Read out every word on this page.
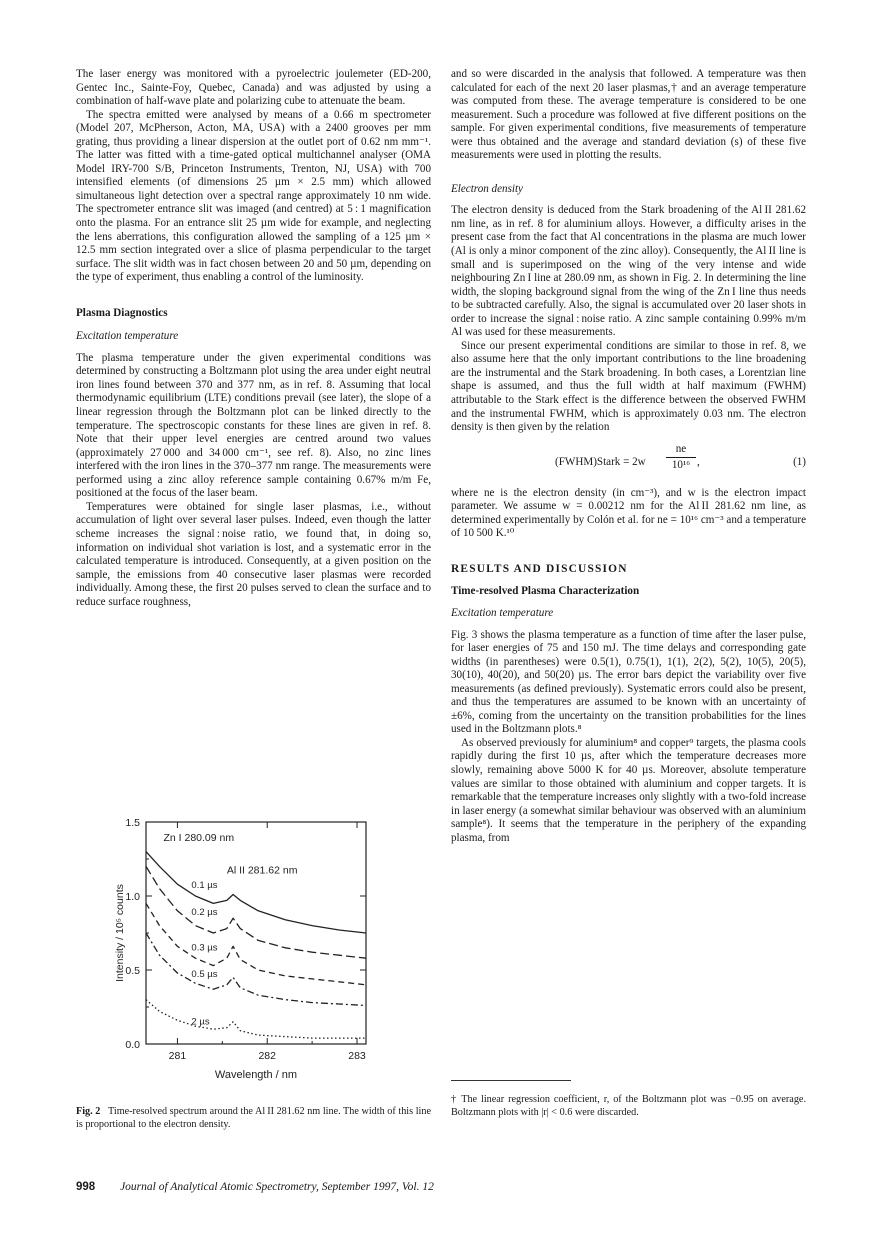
The laser energy was monitored with a pyroelectric joulemeter (ED-200, Gentec Inc., Sainte-Foy, Quebec, Canada) and was adjusted by using a combination of half-wave plate and polarizing cube to attenuate the beam.

The spectra emitted were analysed by means of a 0.66 m spectrometer (Model 207, McPherson, Acton, MA, USA) with a 2400 grooves per mm grating, thus providing a linear dispersion at the outlet port of 0.62 nm mm⁻¹. The latter was fitted with a time-gated optical multichannel analyser (OMA Model IRY-700 S/B, Princeton Instruments, Trenton, NJ, USA) with 700 intensified elements (of dimensions 25 µm × 2.5 mm) which allowed simultaneous light detection over a spectral range approximately 10 nm wide. The spectrometer entrance slit was imaged (and centred) at 5 : 1 magnification onto the plasma. For an entrance slit 25 µm wide for example, and neglecting the lens aberrations, this configuration allowed the sampling of a 125 µm × 12.5 mm section integrated over a slice of plasma perpendicular to the target surface. The slit width was in fact chosen between 20 and 50 µm, depending on the type of experiment, thus enabling a control of the luminosity.

Plasma Diagnostics

Excitation temperature

The plasma temperature under the given experimental conditions was determined by constructing a Boltzmann plot using the area under eight neutral iron lines found between 370 and 377 nm, as in ref. 8. Assuming that local thermodynamic equilibrium (LTE) conditions prevail (see later), the slope of a linear regression through the Boltzmann plot can be linked directly to the temperature. The spectroscopic constants for these lines are given in ref. 8. Note that their upper level energies are centred around two values (approximately 27 000 and 34 000 cm⁻¹, see ref. 8). Also, no zinc lines interfered with the iron lines in the 370–377 nm range. The measurements were performed using a zinc alloy reference sample containing 0.67% m/m Fe, positioned at the focus of the laser beam.

Temperatures were obtained for single laser plasmas, i.e., without accumulation of light over several laser pulses. Indeed, even though the latter scheme increases the signal : noise ratio, we found that, in doing so, information on individual shot variation is lost, and a systematic error in the calculated temperature is introduced. Consequently, at a given position on the sample, the emissions from 40 consecutive laser plasmas were recorded individually. Among these, the first 20 pulses served to clean the surface and to reduce surface roughness,

and so were discarded in the analysis that followed. A temperature was then calculated for each of the next 20 laser plasmas,† and an average temperature was computed from these. The average temperature is considered to be one measurement. Such a procedure was followed at five different positions on the sample. For given experimental conditions, five measurements of temperature were thus obtained and the average and standard deviation (s) of these five measurements were used in plotting the results.

Electron density

The electron density is deduced from the Stark broadening of the Al II 281.62 nm line, as in ref. 8 for aluminium alloys. However, a difficulty arises in the present case from the fact that Al concentrations in the plasma are much lower (Al is only a minor component of the zinc alloy). Consequently, the Al II line is small and is superimposed on the wing of the very intense and wide neighbouring Zn I line at 280.09 nm, as shown in Fig. 2. In determining the line width, the sloping background signal from the wing of the Zn I line thus needs to be subtracted carefully. Also, the signal is accumulated over 20 laser shots in order to increase the signal : noise ratio. A zinc sample containing 0.99% m/m Al was used for these measurements.

Since our present experimental conditions are similar to those in ref. 8, we also assume here that the only important contributions to the line broadening are the instrumental and the Stark broadening. In both cases, a Lorentzian line shape is assumed, and thus the full width at half maximum (FWHM) attributable to the Stark effect is the difference between the observed FWHM and the instrumental FWHM, which is approximately 0.03 nm. The electron density is then given by the relation

(FWHM)Stark = $2w \frac{ne}{\text{10¹⁶}}$ ,	(1)

where ne is the electron density (in cm⁻³), and w is the electron impact parameter. We assume w = 0.00212 nm for the Al II 281.62 nm line, as determined experimentally by Colón et al. for ne = 10¹⁶ cm⁻³ and a temperature of 10 500 K.¹⁰

RESULTS AND DISCUSSION

Time-resolved Plasma Characterization

Excitation temperature

Fig. 3 shows the plasma temperature as a function of time after the laser pulse, for laser energies of 75 and 150 mJ. The time delays and corresponding gate widths (in parentheses) were 0.5(1), 0.75(1), 1(1), 2(2), 5(2), 10(5), 20(5), 30(10), 40(20), and 50(20) µs. The error bars depict the variability over five measurements (as defined previously). Systematic errors could also be present, and thus the temperatures are assumed to be known with an uncertainty of ±6%, coming from the uncertainty on the transition probabilities for the lines used in the Boltzmann plots.⁸

As observed previously for aluminium⁸ and copper⁹ targets, the plasma cools rapidly during the first 10 µs, after which the temperature decreases more slowly, remaining above 5000 K for 40 µs. Moreover, absolute temperature values are similar to those obtained with aluminium and copper targets. It is remarkable that the temperature increases only slightly with a two-fold increase in laser energy (a somewhat similar behaviour was observed with an aluminium sample⁸). It seems that the temperature in the periphery of the expanding plasma, from

0.0
0.5
1.0
1.5
281	282	283
Wavelength / nm
Intensity / 10⁵ counts	0.1 µs
0.2 µs
0.3 µs
0.5 µs
2 µs
Zn I 280.09 nm
Al II 281.62 nm
Fig. 2 Time-resolved spectrum around the Al II 281.62 nm line. The width of this line is proportional to the electron density.
† The linear regression coefficient, r, of the Boltzmann plot was −0.95 on average. Boltzmann plots with |r| < 0.6 were discarded.
998 Journal of Analytical Atomic Spectrometry, September 1997, Vol. 12
